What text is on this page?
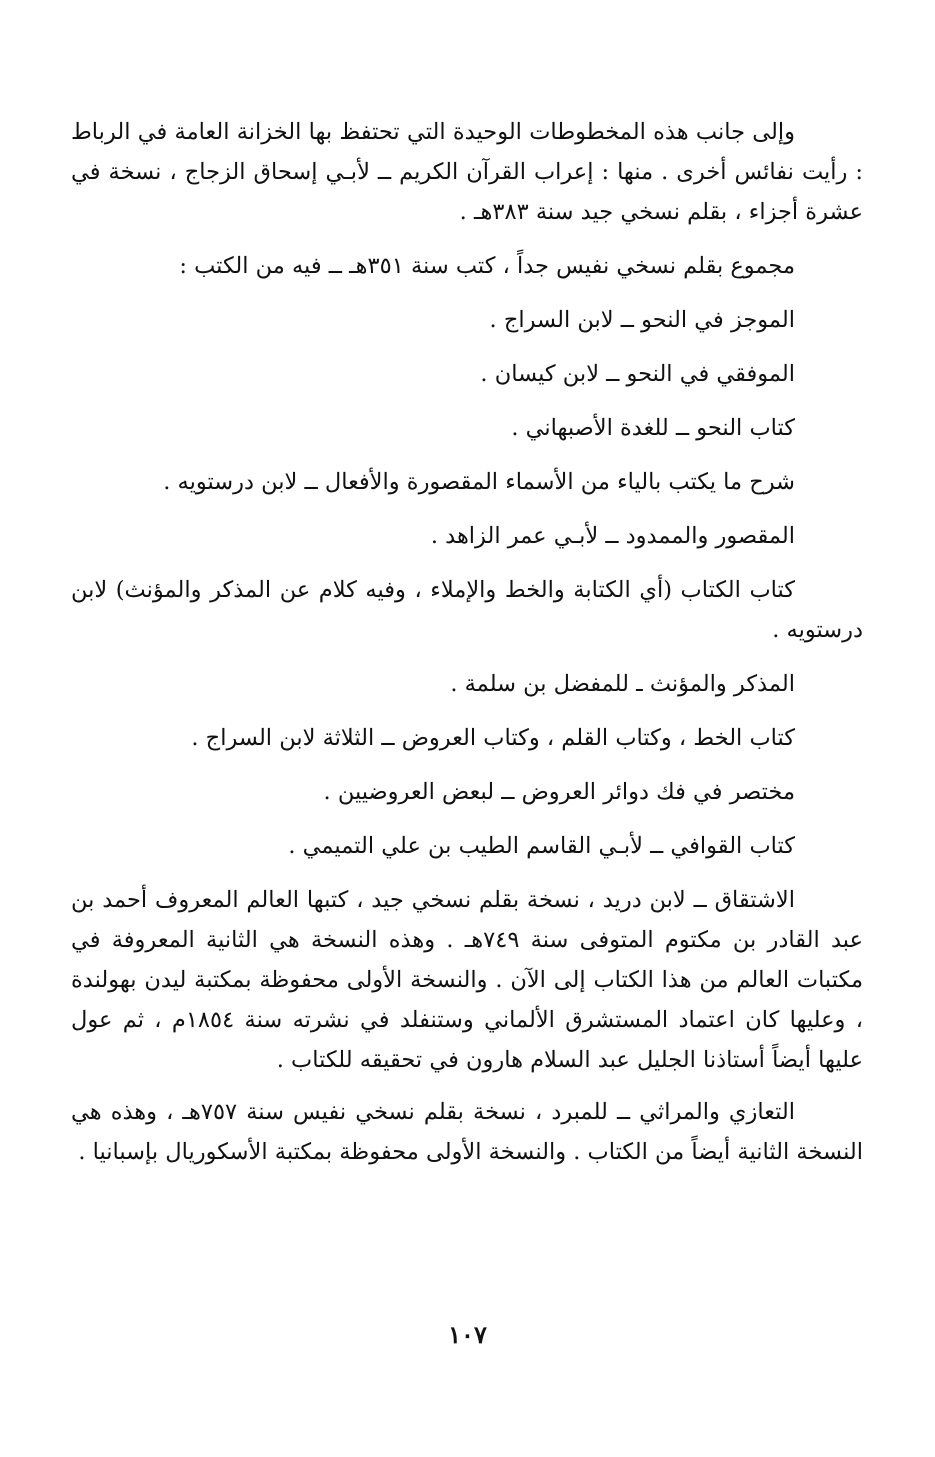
وإلى جانب هذه المخطوطات الوحيدة التي تحتفظ بها الخزانة العامة في الرباط : رأيت نفائس أخرى . منها : إعراب القرآن الكريم ــ لأبـي إسحاق الزجاج ، نسخة في عشرة أجزاء ، بقلم نسخي جيد سنة ٣٨٣هـ .

مجموع بقلم نسخي نفيس جداً ، كتب سنة ٣٥١هـ ــ فيه من الكتب :

الموجز في النحو ــ لابن السراج .

الموفقي في النحو ــ لابن كيسان .

كتاب النحو ــ للغدة الأصبهاني .

شرح ما يكتب بالياء من الأسماء المقصورة والأفعال ــ لابن درستويه .

المقصور والممدود ــ لأبـي عمر الزاهد .

كتاب الكتاب (أي الكتابة والخط والإملاء ، وفيه كلام عن المذكر والمؤنث) لابن درستويه .

المذكر والمؤنث ـ للمفضل بن سلمة .

كتاب الخط ، وكتاب القلم ، وكتاب العروض ــ الثلاثة لابن السراج .

مختصر في فك دوائر العروض ــ لبعض العروضيين .

كتاب القوافي ــ لأبـي القاسم الطيب بن علي التميمي .

الاشتقاق ــ لابن دريد ، نسخة بقلم نسخي جيد ، كتبها العالم المعروف أحمد بن عبد القادر بن مكتوم المتوفى سنة ٧٤٩هـ . وهذه النسخة هي الثانية المعروفة في مكتبات العالم من هذا الكتاب إلى الآن . والنسخة الأولى محفوظة بمكتبة ليدن بهولندة ، وعليها كان اعتماد المستشرق الألماني وستنفلد في نشرته سنة ١٨٥٤م ، ثم عول عليها أيضاً أستاذنا الجليل عبد السلام هارون في تحقيقه للكتاب .

التعازي والمراثي ــ للمبرد ، نسخة بقلم نسخي نفيس سنة ٧٥٧هـ ، وهذه هي النسخة الثانية أيضاً من الكتاب . والنسخة الأولى محفوظة بمكتبة الأسكوريال بإسبانيا .

١٠٧
